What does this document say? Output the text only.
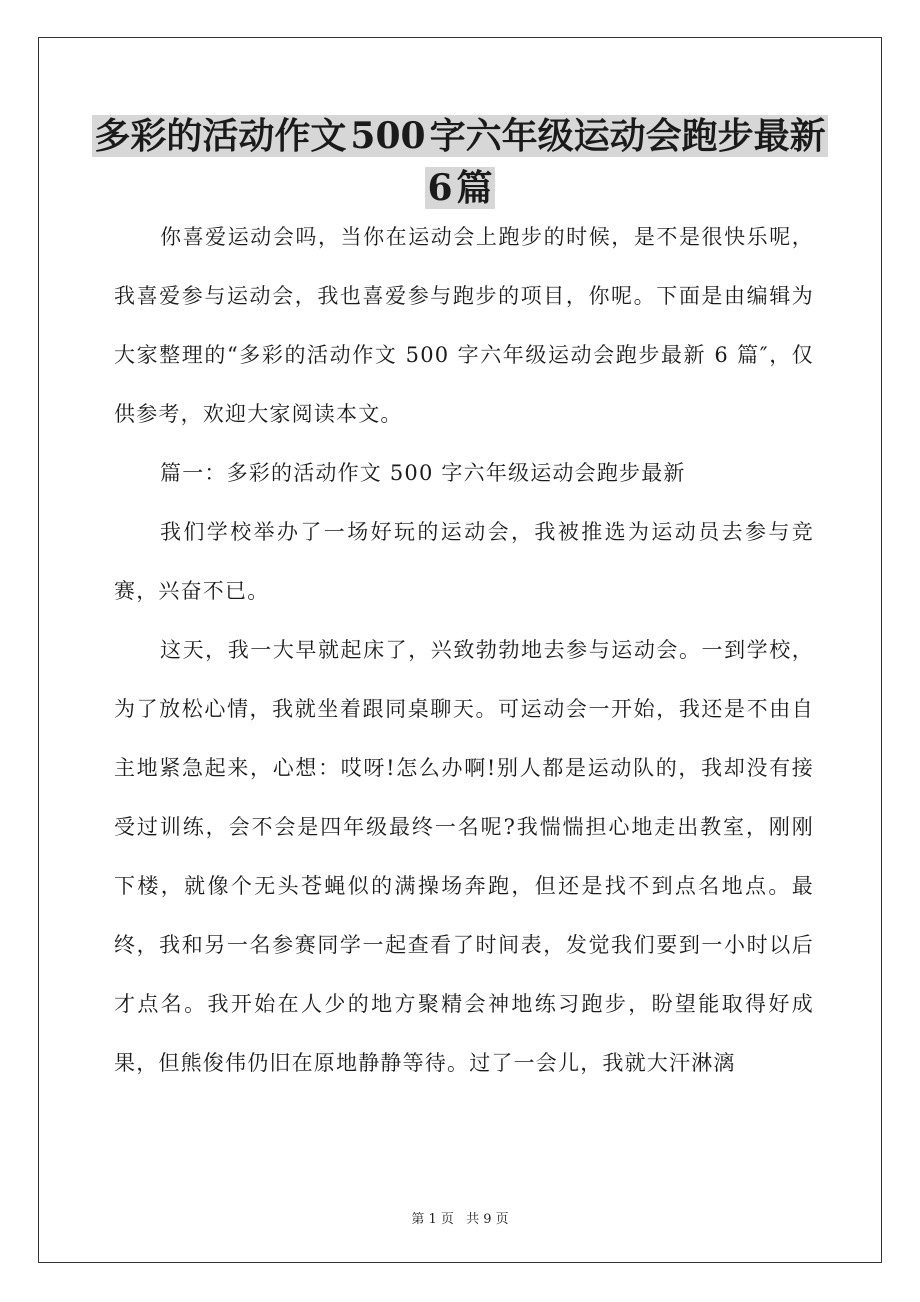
多彩的活动作文 500 字六年级运动会跑步最新
6 篇

你喜爱运动会吗，当你在运动会上跑步的时候，是不是很快乐呢，我喜爱参与运动会，我也喜爱参与跑步的项目，你呢。下面是由编辑为大家整理的“多彩的活动作文 500 字六年级运动会跑步最新 6 篇″，仅供参考，欢迎大家阅读本文。

篇一：多彩的活动作文 500 字六年级运动会跑步最新

我们学校举办了一场好玩的运动会，我被推选为运动员去参与竞赛，兴奋不已。

这天，我一大早就起床了，兴致勃勃地去参与运动会。一到学校，为了放松心情，我就坐着跟同桌聊天。可运动会一开始，我还是不由自主地紧急起来，心想：哎呀!怎么办啊!别人都是运动队的，我却没有接受过训练，会不会是四年级最终一名呢?我惴惴担心地走出教室，刚刚下楼，就像个无头苍蝇似的满操场奔跑，但还是找不到点名地点。最终，我和另一名参赛同学一起查看了时间表，发觉我们要到一小时以后才点名。我开始在人少的地方聚精会神地练习跑步，盼望能取得好成果，但熊俊伟仍旧在原地静静等待。过了一会儿，我就大汗淋漓

第 1 页 共 9 页
